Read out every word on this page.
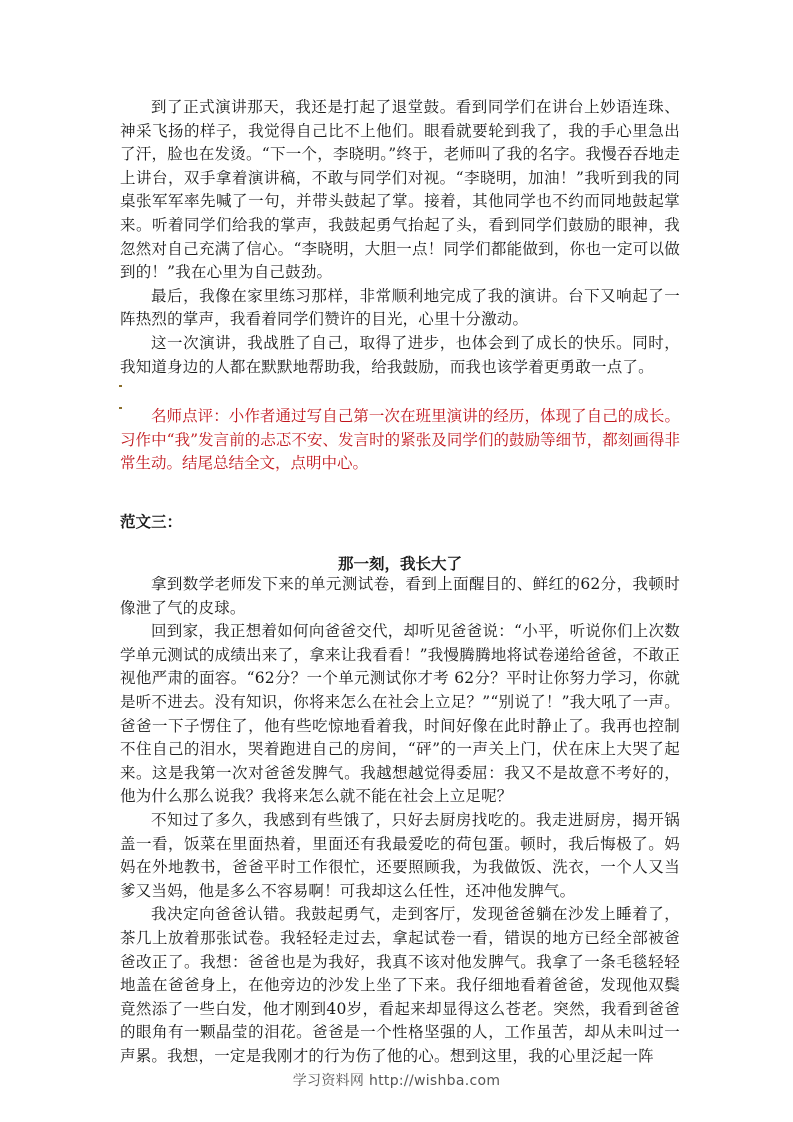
到了正式演讲那天，我还是打起了退堂鼓。看到同学们在讲台上妙语连珠、神采飞扬的样子，我觉得自己比不上他们。眼看就要轮到我了，我的手心里急出了汗，脸也在发烫。“下一个，李晓明。”终于，老师叫了我的名字。我慢吞吞地走上讲台，双手拿着演讲稿，不敢与同学们对视。“李晓明，加油！”我听到我的同桌张军军率先喊了一句，并带头鼓起了掌。接着，其他同学也不约而同地鼓起掌来。听着同学们给我的掌声，我鼓起勇气抬起了头，看到同学们鼓励的眼神，我忽然对自己充满了信心。“李晓明，大胆一点！同学们都能做到，你也一定可以做到的！”我在心里为自己鼓劲。

最后，我像在家里练习那样，非常顺利地完成了我的演讲。台下又响起了一阵热烈的掌声，我看着同学们赞许的目光，心里十分激动。

这一次演讲，我战胜了自己，取得了进步，也体会到了成长的快乐。同时，我知道身边的人都在默默地帮助我，给我鼓励，而我也该学着更勇敢一点了。

名师点评：小作者通过写自己第一次在班里演讲的经历，体现了自己的成长。习作中“我”发言前的忐忑不安、发言时的紧张及同学们的鼓励等细节，都刻画得非常生动。结尾总结全文，点明中心。

范文三：
那一刻，我长大了

拿到数学老师发下来的单元测试卷，看到上面醒目的、鲜红的62分，我顿时像泄了气的皮球。

回到家，我正想着如何向爸爸交代，却听见爸爸说：“小平，听说你们上次数学单元测试的成绩出来了，拿来让我看看！”我慢腾腾地将试卷递给爸爸，不敢正视他严肃的面容。“62分？一个单元测试你才考 62分？平时让你努力学习，你就是听不进去。没有知识，你将来怎么在社会上立足？”“别说了！”我大吼了一声。爸爸一下子愣住了，他有些吃惊地看着我，时间好像在此时静止了。我再也控制不住自己的泪水，哭着跑进自己的房间，“砰”的一声关上门，伏在床上大哭了起来。这是我第一次对爸爸发脾气。我越想越觉得委屈：我又不是故意不考好的，他为什么那么说我？我将来怎么就不能在社会上立足呢？

不知过了多久，我感到有些饿了，只好去厨房找吃的。我走进厨房，揭开锅盖一看，饭菜在里面热着，里面还有我最爱吃的荷包蛋。顿时，我后悔极了。妈妈在外地教书，爸爸平时工作很忙，还要照顾我，为我做饭、洗衣，一个人又当爹又当妈，他是多么不容易啊！可我却这么任性，还冲他发脾气。

我决定向爸爸认错。我鼓起勇气，走到客厅，发现爸爸躺在沙发上睡着了，茶几上放着那张试卷。我轻轻走过去，拿起试卷一看，错误的地方已经全部被爸爸改正了。我想：爸爸也是为我好，我真不该对他发脾气。我拿了一条毛毯轻轻地盖在爸爸身上，在他旁边的沙发上坐了下来。我仔细地看着爸爸，发现他双鬓竟然添了一些白发，他才刚到40岁，看起来却显得这么苍老。突然，我看到爸爸的眼角有一颗晶莹的泪花。爸爸是一个性格坚强的人，工作虽苦，却从未叫过一声累。我想，一定是我刚才的行为伤了他的心。想到这里，我的心里泛起一阵

学习资料网 http://wishba.com
